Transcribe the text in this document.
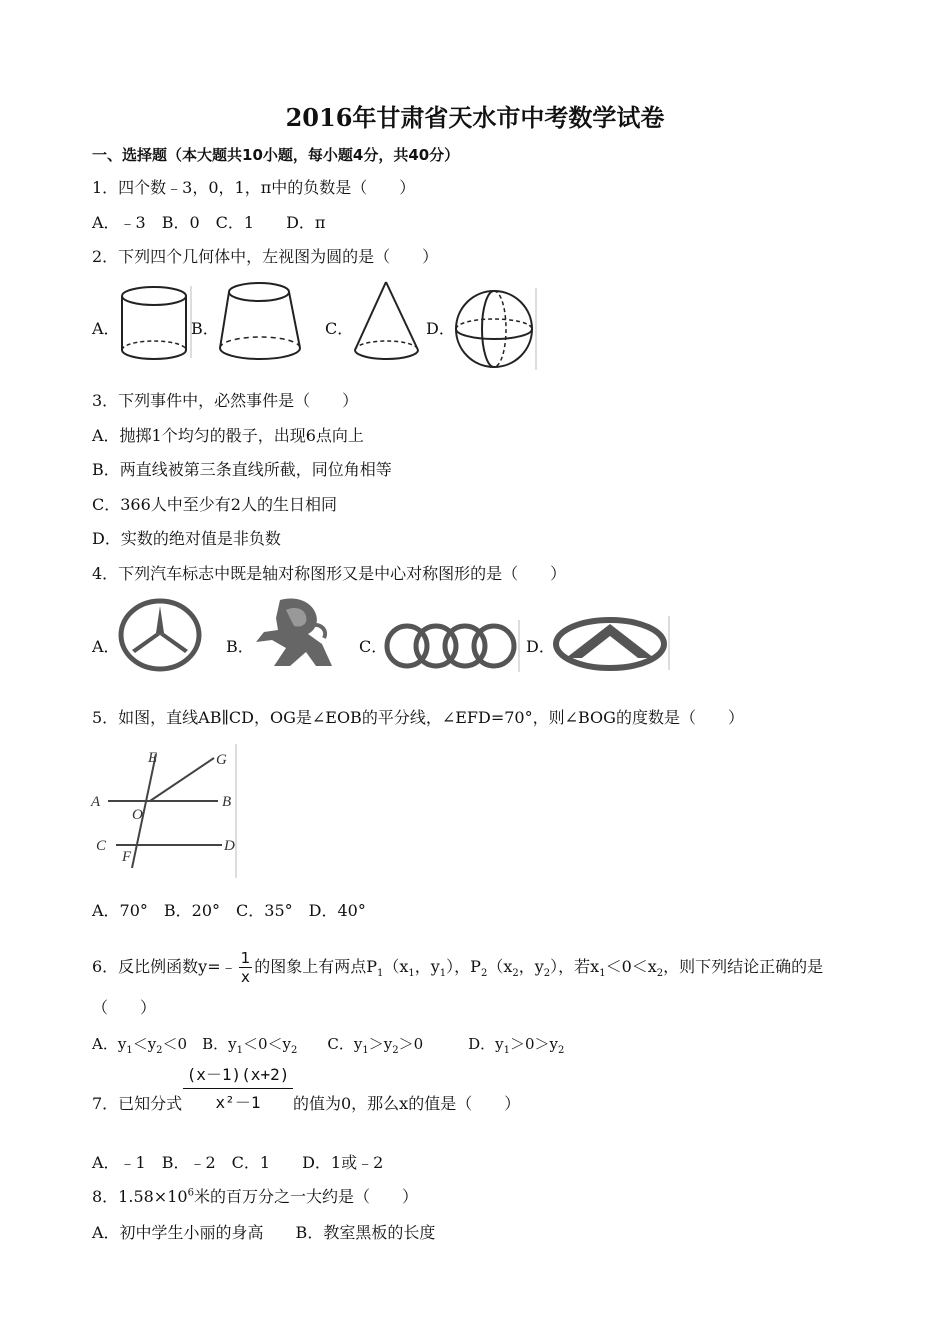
2016年甘肃省天水市中考数学试卷
一、选择题（本大题共10小题，每小题4分，共40分）
1．四个数﹣3，0，1，π中的负数是（　　）
A．﹣3　B．0　C．1　　D．π
2．下列四个几何体中，左视图为圆的是（　　）
A．	B．	C．	D．
3．下列事件中，必然事件是（　　）
A．抛掷1个均匀的骰子，出现6点向上
B．两直线被第三条直线所截，同位角相等
C．366人中至少有2人的生日相同
D．实数的绝对值是非负数
4．下列汽车标志中既是轴对称图形又是中心对称图形的是（　　）
A．	B．	C．	D．
5．如图，直线AB∥CD，OG是∠EOB的平分线，∠EFD=70°，则∠BOG的度数是（　　）
A	B
C	D
E
F
G
O
A．70°　B．20°　C．35°　D．40°
6．反比例函数y=﹣ $\frac{1}{x}$ 的图象上有两点$P_1(x_1$，$y_1$），$P_2(x_2$，$y_2$），若$x_1<0<x_2$，则下列结论正确的是
（　　）
A．$y_1<y_2<0$　B．$y_1<0<y_2$　　C．$y_1>y_2>0$　　　D．$y_1>0>y_2$
7．已知分式 $\frac{(x-1)(x+2)}{\text{x²－1}}$ 的值为0，那么x的值是（　　）
A．﹣1　B．﹣2　C．1　　D．1或﹣2
8．$1.58\times 10^6$米的百万分之一大约是（　　）
A．初中学生小丽的身高　　B．教室黑板的长度
